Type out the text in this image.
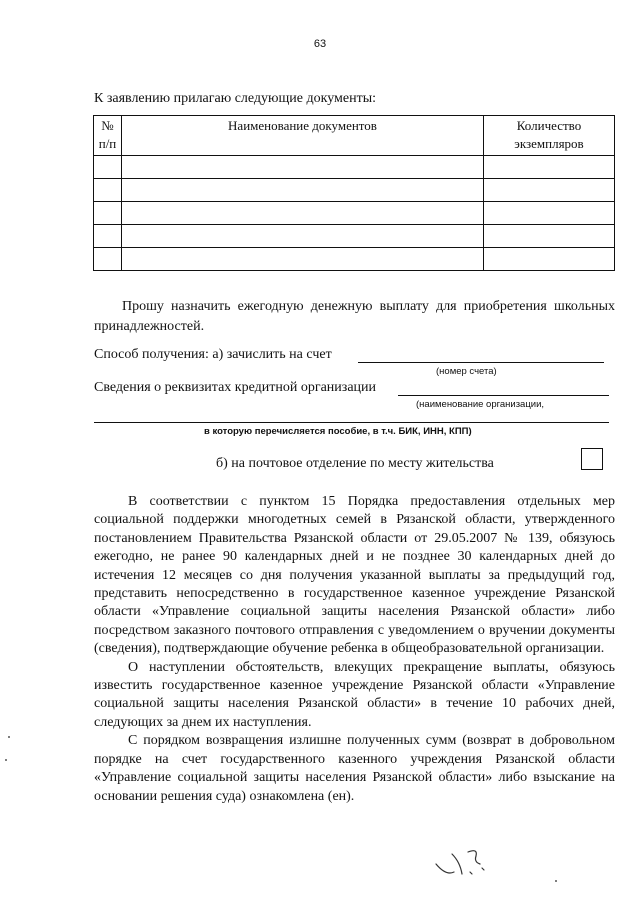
63
К заявлению прилагаю следующие документы:
№
п/п	Наименование документов	Количество
экземпляров

Прошу назначить ежегодную денежную выплату для приобретения школьных принадлежностей.
Способ получения: а) зачислить на счет
(номер счета)
Сведения о реквизитах кредитной организации
(наименование организации,
в которую перечисляется пособие, в т.ч. БИК, ИНН, КПП)
б) на почтовое отделение по месту жительства

В соответствии с пунктом 15 Порядка предоставления отдельных мер социальной поддержки многодетных семей в Рязанской области, утвержденного постановлением Правительства Рязанской области от 29.05.2007 № 139, обязуюсь ежегодно, не ранее 90 календарных дней и не позднее 30 календарных дней до истечения 12 месяцев со дня получения указанной выплаты за предыдущий год, представить непосредственно в государственное казенное учреждение Рязанской области «Управление социальной защиты населения Рязанской области» либо посредством заказного почтового отправления с уведомлением о вручении документы (сведения), подтверждающие обучение ребенка в общеобразовательной организации.

О наступлении обстоятельств, влекущих прекращение выплаты, обязуюсь известить государственное казенное учреждение Рязанской области «Управление социальной защиты населения Рязанской области» в течение 10 рабочих дней, следующих за днем их наступления.

С порядком возвращения излишне полученных сумм (возврат в добровольном порядке на счет государственного казенного учреждения Рязанской области «Управление социальной защиты населения Рязанской области» либо взыскание на основании решения суда) ознакомлена (ен).
